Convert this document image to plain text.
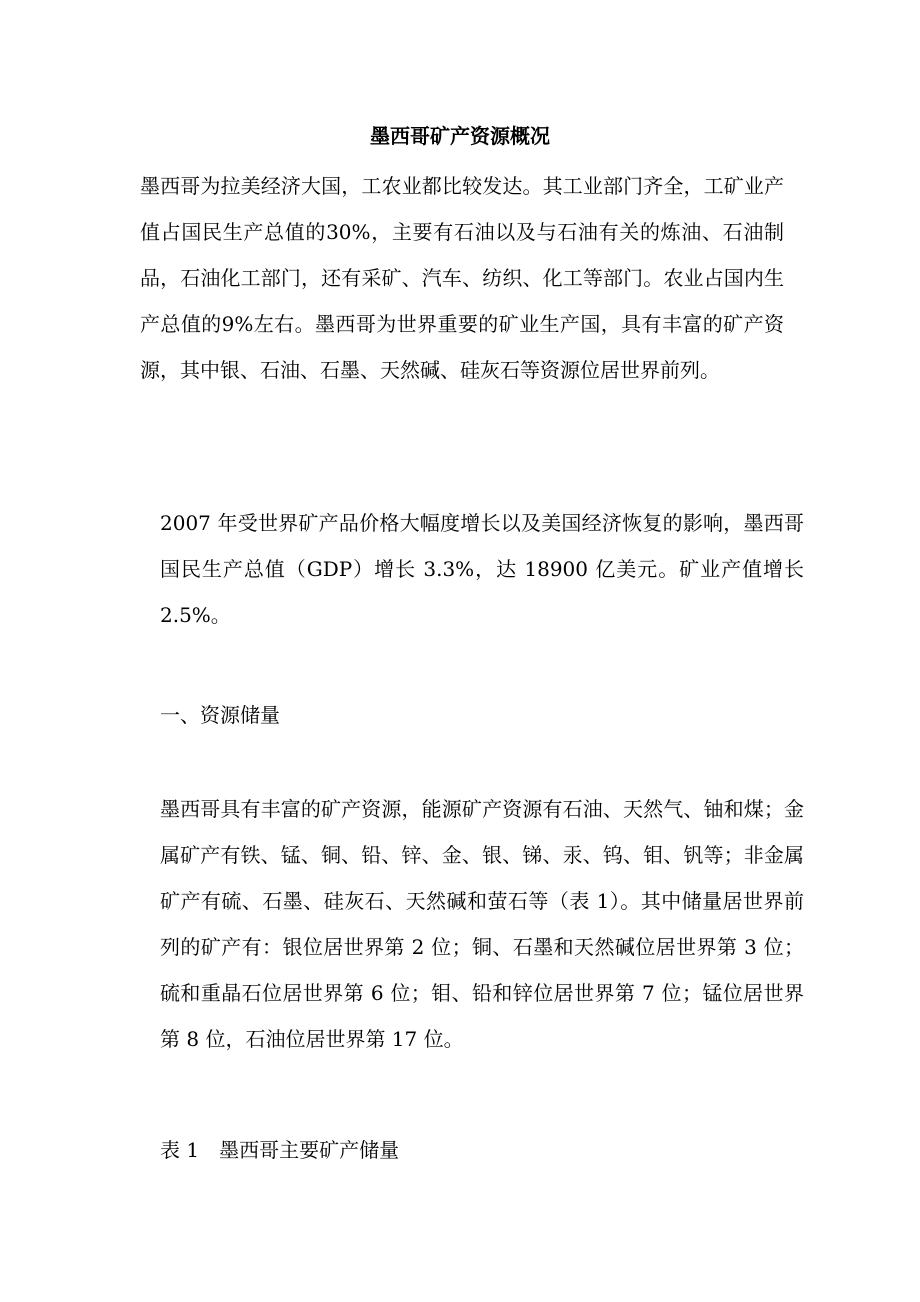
墨西哥矿产资源概况

墨西哥为拉美经济大国，工农业都比较发达。其工业部门齐全，工矿业产值占国民生产总值的30%，主要有石油以及与石油有关的炼油、石油制品，石油化工部门，还有采矿、汽车、纺织、化工等部门。农业占国内生产总值的9%左右。墨西哥为世界重要的矿业生产国，具有丰富的矿产资源，其中银、石油、石墨、天然碱、硅灰石等资源位居世界前列。

2007 年受世界矿产品价格大幅度增长以及美国经济恢复的影响，墨西哥国民生产总值（GDP）增长 3.3%，达 18900 亿美元。矿业产值增长 2.5%。

一、资源储量

墨西哥具有丰富的矿产资源，能源矿产资源有石油、天然气、铀和煤；金属矿产有铁、锰、铜、铅、锌、金、银、锑、汞、钨、钼、钒等；非金属矿产有硫、石墨、硅灰石、天然碱和萤石等（表 1）。其中储量居世界前列的矿产有：银位居世界第 2 位；铜、石墨和天然碱位居世界第 3 位；硫和重晶石位居世界第 6 位；钼、铅和锌位居世界第 7 位；锰位居世界第 8 位，石油位居世界第 17 位。

表 1　墨西哥主要矿产储量
